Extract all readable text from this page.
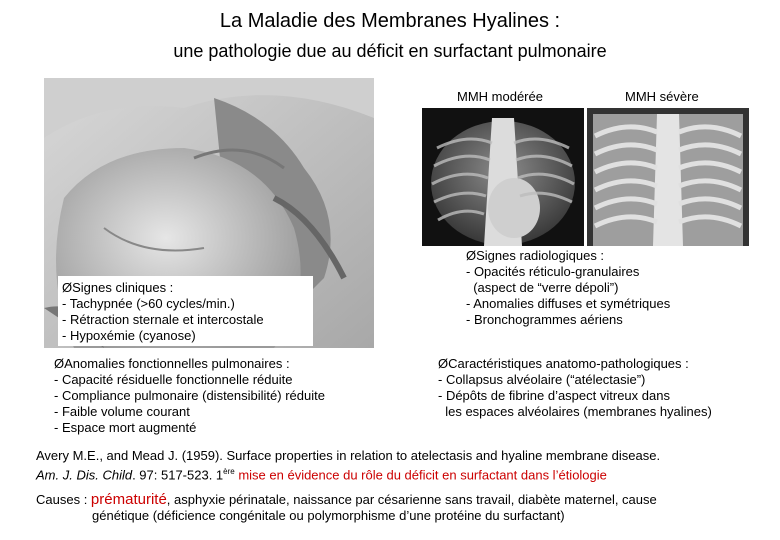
La Maladie des Membranes Hyalines :
une pathologie due au déficit en surfactant pulmonaire
ØSignes cliniques :
- Tachypnée (>60 cycles/min.)
- Rétraction sternale et intercostale
- Hypoxémie (cyanose)
MMH modérée	MMH sévère
ØSignes radiologiques :
- Opacités réticulo-granulaires
(aspect de “verre dépoli”)
- Anomalies diffuses et symétriques
- Bronchogrammes aériens
ØAnomalies fonctionnelles pulmonaires :
- Capacité résiduelle fonctionnelle réduite
- Compliance pulmonaire (distensibilité) réduite
- Faible volume courant
- Espace mort augmenté
ØCaractéristiques anatomo-pathologiques :
- Collapsus alvéolaire (“atélectasie”)
- Dépôts de fibrine d’aspect vitreux dans
les espaces alvéolaires (membranes hyalines)
Avery M.E., and Mead J. (1959). Surface properties in relation to atelectasis and hyaline membrane disease.
Am. J. Dis. Child. 97: 517-523. 1ère mise en évidence du rôle du déficit en surfactant dans l’étiologie
Causes : prématurité, asphyxie périnatale, naissance par césarienne sans travail, diabète maternel, cause
génétique (déficience congénitale ou polymorphisme d’une protéine du surfactant)
